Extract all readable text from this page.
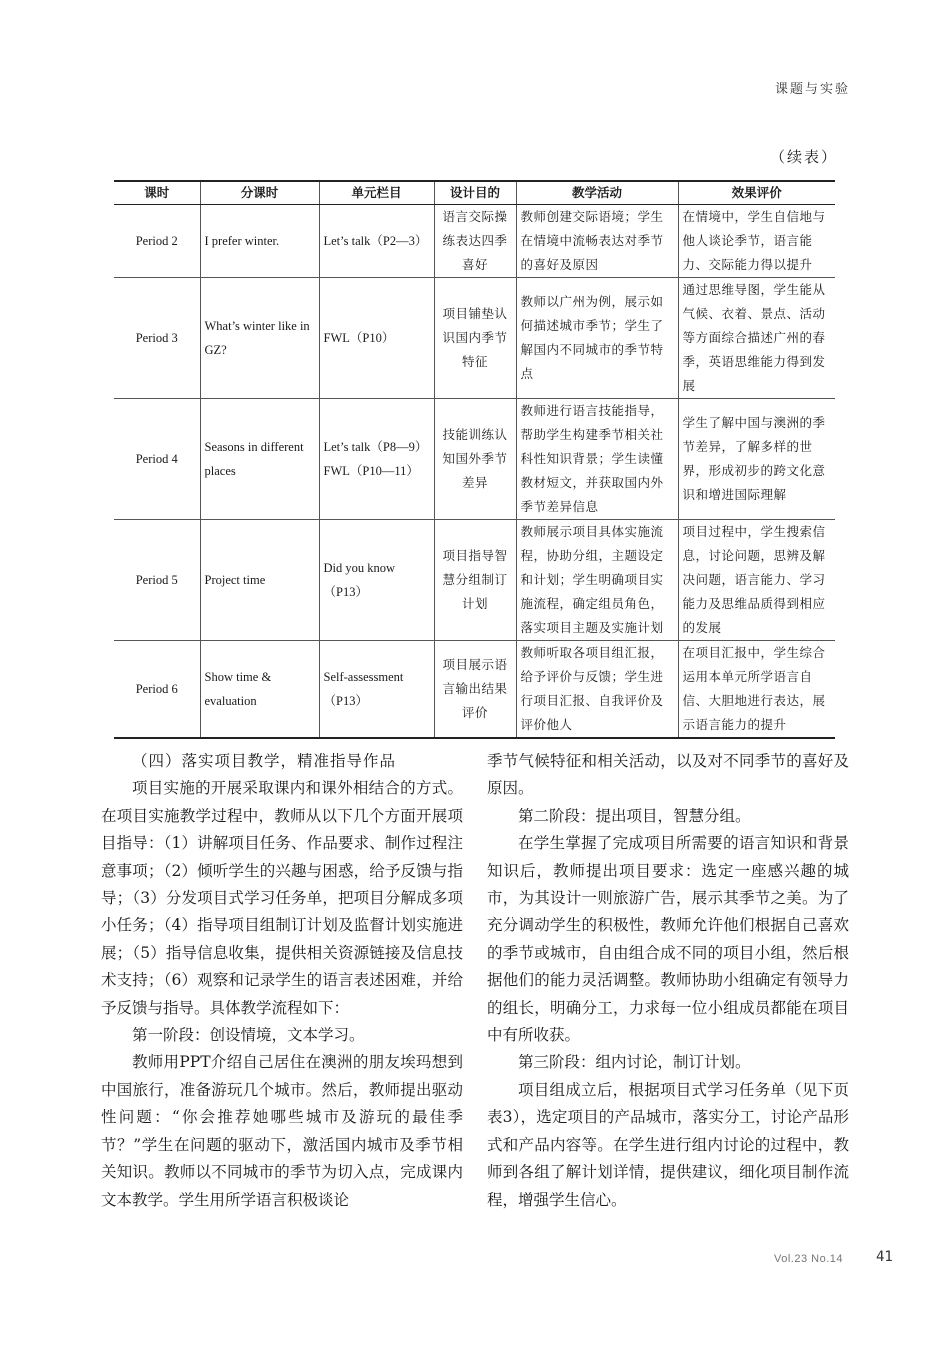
课题与实验
（续表）
课时	分课时	单元栏目	设计目的	教学活动	效果评价
Period 2	I prefer winter.	Let’s talk（P2—3）	语言交际操练表达四季喜好	教师创建交际语境；学生在情境中流畅表达对季节的喜好及原因	在情境中，学生自信地与他人谈论季节，语言能力、交际能力得以提升
Period 3	What’s winter like in GZ?	FWL（P10）	项目铺垫认识国内季节特征	教师以广州为例，展示如何描述城市季节；学生了解国内不同城市的季节特点	通过思维导图，学生能从气候、衣着、景点、活动等方面综合描述广州的春季，英语思维能力得到发展
Period 4	Seasons in different places	Let’s talk（P8—9）FWL（P10—11）	技能训练认知国外季节差异	教师进行语言技能指导，帮助学生构建季节相关社科性知识背景；学生读懂教材短文，并获取国内外季节差异信息	学生了解中国与澳洲的季节差异，了解多样的世界，形成初步的跨文化意识和增进国际理解
Period 5	Project time	Did you know（P13）	项目指导智慧分组制订计划	教师展示项目具体实施流程，协助分组，主题设定和计划；学生明确项目实施流程，确定组员角色，落实项目主题及实施计划	项目过程中，学生搜索信息，讨论问题，思辨及解决问题，语言能力、学习能力及思维品质得到相应的发展
Period 6	Show time & evaluation	Self-assessment（P13）	项目展示语言输出结果评价	教师听取各项目组汇报，给予评价与反馈；学生进行项目汇报、自我评价及评价他人	在项目汇报中，学生综合运用本单元所学语言自信、大胆地进行表达，展示语言能力的提升

（四）落实项目教学，精准指导作品

项目实施的开展采取课内和课外相结合的方式。在项目实施教学过程中，教师从以下几个方面开展项目指导：（1）讲解项目任务、作品要求、制作过程注意事项；（2）倾听学生的兴趣与困惑，给予反馈与指导；（3）分发项目式学习任务单，把项目分解成多项小任务；（4）指导项目组制订计划及监督计划实施进展；（5）指导信息收集，提供相关资源链接及信息技术支持；（6）观察和记录学生的语言表述困难，并给予反馈与指导。具体教学流程如下：

第一阶段：创设情境，文本学习。

教师用PPT介绍自己居住在澳洲的朋友埃玛想到中国旅行，准备游玩几个城市。然后，教师提出驱动性问题：“你会推荐她哪些城市及游玩的最佳季节？”学生在问题的驱动下，激活国内城市及季节相关知识。教师以不同城市的季节为切入点，完成课内文本教学。学生用所学语言积极谈论

季节气候特征和相关活动，以及对不同季节的喜好及原因。

第二阶段：提出项目，智慧分组。

在学生掌握了完成项目所需要的语言知识和背景知识后，教师提出项目要求：选定一座感兴趣的城市，为其设计一则旅游广告，展示其季节之美。为了充分调动学生的积极性，教师允许他们根据自己喜欢的季节或城市，自由组合成不同的项目小组，然后根据他们的能力灵活调整。教师协助小组确定有领导力的组长，明确分工，力求每一位小组成员都能在项目中有所收获。

第三阶段：组内讨论，制订计划。

项目组成立后，根据项目式学习任务单（见下页表3），选定项目的产品城市，落实分工，讨论产品形式和产品内容等。在学生进行组内讨论的过程中，教师到各组了解计划详情，提供建议，细化项目制作流程，增强学生信心。

Vol.23 No.14 41
